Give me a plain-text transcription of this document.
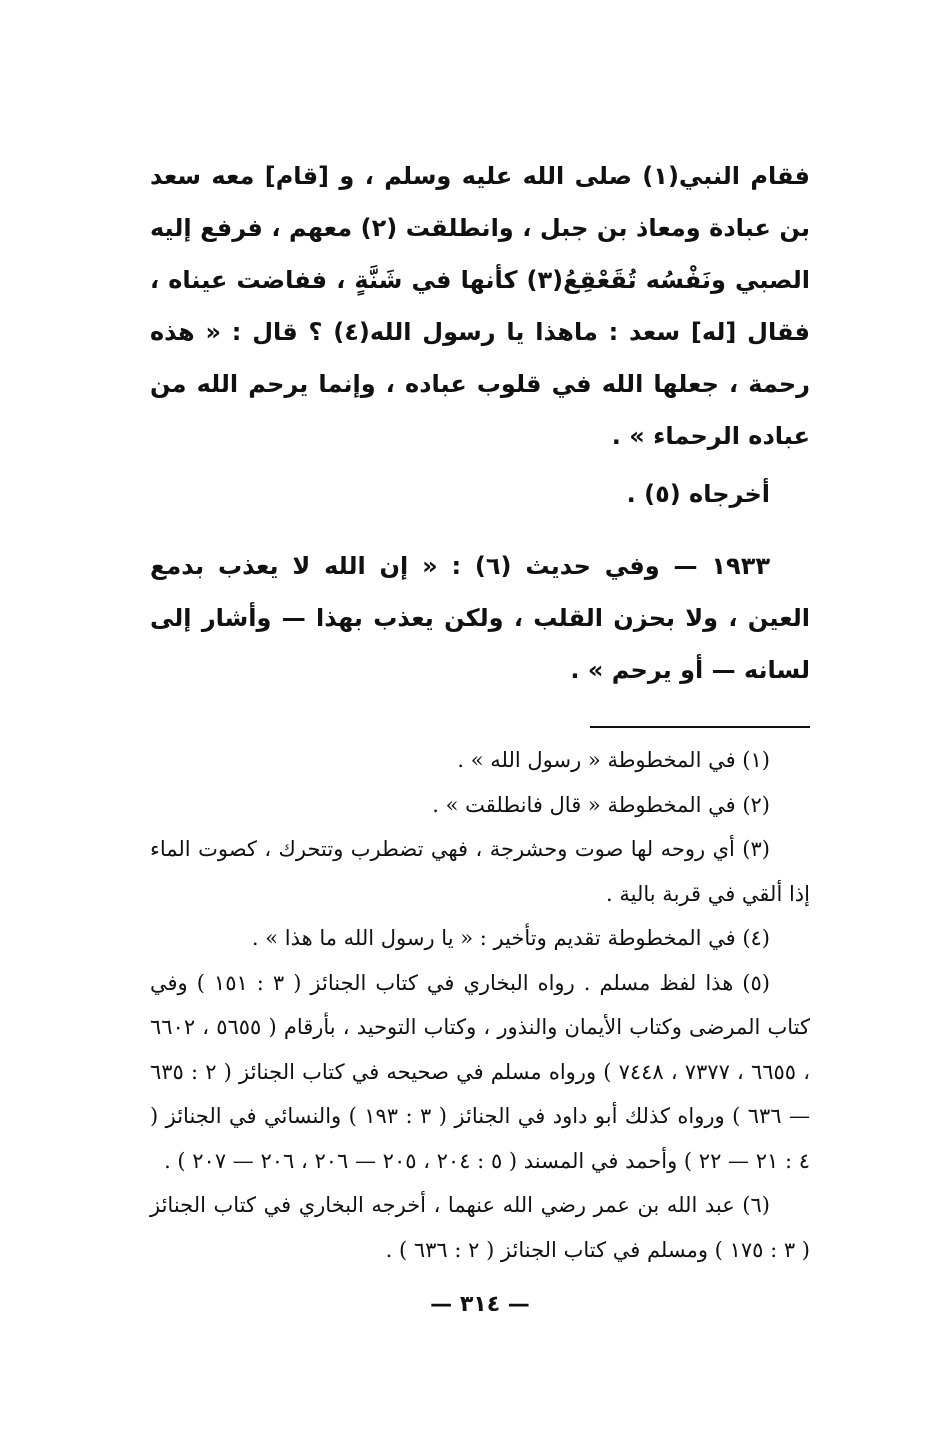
فقام النبي(١) صلى الله عليه وسلم ، و [قام] معه سعد بن عبادة ومعاذ بن جبل ، وانطلقت (٢) معهم ، فرفع إليه الصبي ونَفْسُه تُقَعْقِعُ(٣) كأنها في شَنَّةٍ ، ففاضت عيناه ، فقال [له] سعد : ماهذا يا رسول الله(٤) ؟ قال : « هذه رحمة ، جعلها الله في قلوب عباده ، وإنما يرحم الله من عباده الرحماء » .

أخرجاه (٥) .

١٩٣٣ — وفي حديث (٦) : « إن الله لا يعذب بدمع العين ، ولا بحزن القلب ، ولكن يعذب بهذا — وأشار إلى لسانه — أو يرحم » .

(١) في المخطوطة « رسول الله » .

(٢) في المخطوطة « قال فانطلقت » .

(٣) أي روحه لها صوت وحشرجة ، فهي تضطرب وتتحرك ، كصوت الماء إذا ألقي في قربة بالية .

(٤) في المخطوطة تقديم وتأخير : « يا رسول الله ما هذا » .

(٥) هذا لفظ مسلم . رواه البخاري في كتاب الجنائز ( ٣ : ١٥١ ) وفي كتاب المرضى وكتاب الأيمان والنذور ، وكتاب التوحيد ، بأرقام ( ٥٦٥٥ ، ٦٦٠٢ ، ٦٦٥٥ ، ٧٣٧٧ ، ٧٤٤٨ ) ورواه مسلم في صحيحه في كتاب الجنائز ( ٢ : ٦٣٥ — ٦٣٦ ) ورواه كذلك أبو داود في الجنائز ( ٣ : ١٩٣ ) والنسائي في الجنائز ( ٤ : ٢١ — ٢٢ ) وأحمد في المسند ( ٥ : ٢٠٤ ، ٢٠٥ — ٢٠٦ ، ٢٠٦ — ٢٠٧ ) .

(٦) عبد الله بن عمر رضي الله عنهما ، أخرجه البخاري في كتاب الجنائز ( ٣ : ١٧٥ ) ومسلم في كتاب الجنائز ( ٢ : ٦٣٦ ) .

— ٣١٤ —
